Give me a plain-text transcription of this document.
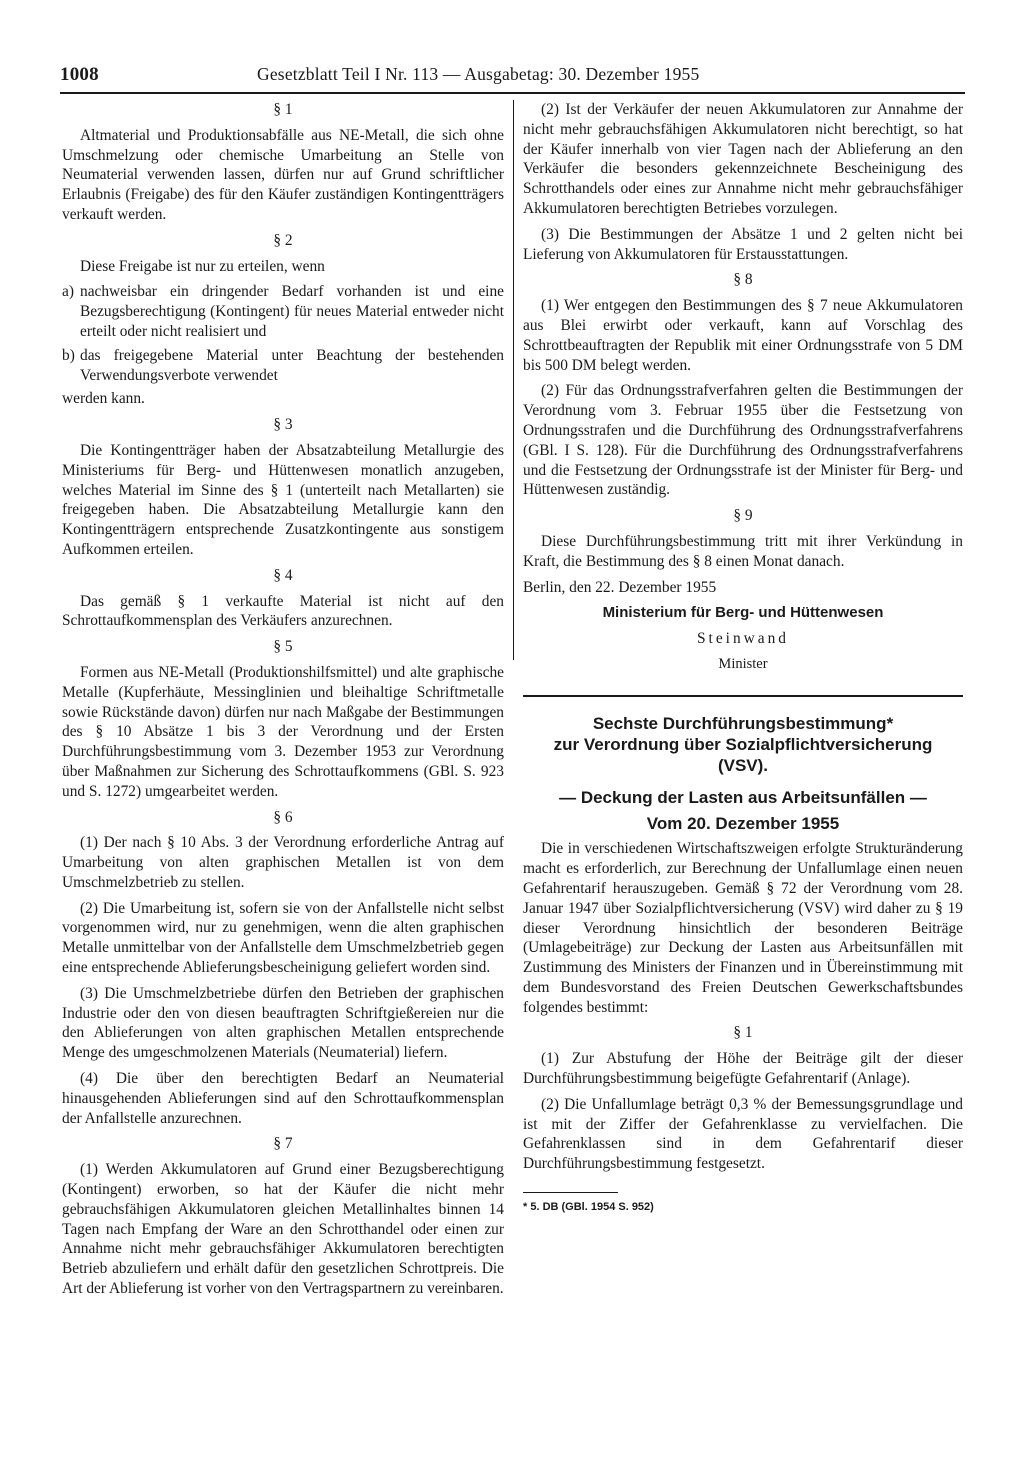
1008	Gesetzblatt Teil I Nr. 113 — Ausgabetag: 30. Dezember 1955

§ 1

Altmaterial und Produktionsabfälle aus NE-Metall, die sich ohne Umschmelzung oder chemische Umarbeitung an Stelle von Neumaterial verwenden lassen, dürfen nur auf Grund schriftlicher Erlaubnis (Freigabe) des für den Käufer zuständigen Kontingentträgers verkauft werden.

§ 2

Diese Freigabe ist nur zu erteilen, wenn

a) nachweisbar ein dringender Bedarf vorhanden ist und eine Bezugsberechtigung (Kontingent) für neues Material entweder nicht erteilt oder nicht realisiert und
b) das freigegebene Material unter Beachtung der bestehenden Verwendungsverbote verwendet

werden kann.

§ 3

Die Kontingentträger haben der Absatzabteilung Metallurgie des Ministeriums für Berg- und Hüttenwesen monatlich anzugeben, welches Material im Sinne des § 1 (unterteilt nach Metallarten) sie freigegeben haben. Die Absatzabteilung Metallurgie kann den Kontingentträgern entsprechende Zusatzkontingente aus sonstigem Aufkommen erteilen.

§ 4

Das gemäß § 1 verkaufte Material ist nicht auf den Schrottaufkommensplan des Verkäufers anzurechnen.

§ 5

Formen aus NE-Metall (Produktionshilfsmittel) und alte graphische Metalle (Kupferhäute, Messinglinien und bleihaltige Schriftmetalle sowie Rückstände davon) dürfen nur nach Maßgabe der Bestimmungen des § 10 Absätze 1 bis 3 der Verordnung und der Ersten Durchführungsbestimmung vom 3. Dezember 1953 zur Verordnung über Maßnahmen zur Sicherung des Schrottaufkommens (GBl. S. 923 und S. 1272) umgearbeitet werden.

§ 6

(1) Der nach § 10 Abs. 3 der Verordnung erforderliche Antrag auf Umarbeitung von alten graphischen Metallen ist von dem Umschmelzbetrieb zu stellen.

(2) Die Umarbeitung ist, sofern sie von der Anfallstelle nicht selbst vorgenommen wird, nur zu genehmigen, wenn die alten graphischen Metalle unmittelbar von der Anfallstelle dem Umschmelzbetrieb gegen eine entsprechende Ablieferungsbescheinigung geliefert worden sind.

(3) Die Umschmelzbetriebe dürfen den Betrieben der graphischen Industrie oder den von diesen beauftragten Schriftgießereien nur die den Ablieferungen von alten graphischen Metallen entsprechende Menge des umgeschmolzenen Materials (Neumaterial) liefern.

(4) Die über den berechtigten Bedarf an Neumaterial hinausgehenden Ablieferungen sind auf den Schrottaufkommensplan der Anfallstelle anzurechnen.

§ 7

(1) Werden Akkumulatoren auf Grund einer Bezugsberechtigung (Kontingent) erworben, so hat der Käufer die nicht mehr gebrauchsfähigen Akkumulatoren gleichen Metallinhaltes binnen 14 Tagen nach Empfang der Ware an den Schrotthandel oder einen zur Annahme nicht mehr gebrauchsfähiger Akkumulatoren berechtigten Betrieb abzuliefern und erhält dafür den gesetzlichen Schrottpreis. Die Art der Ablieferung ist vorher von den Vertragspartnern zu vereinbaren.

(2) Ist der Verkäufer der neuen Akkumulatoren zur Annahme der nicht mehr gebrauchsfähigen Akkumulatoren nicht berechtigt, so hat der Käufer innerhalb von vier Tagen nach der Ablieferung an den Verkäufer die besonders gekennzeichnete Bescheinigung des Schrotthandels oder eines zur Annahme nicht mehr gebrauchsfähiger Akkumulatoren berechtigten Betriebes vorzulegen.

(3) Die Bestimmungen der Absätze 1 und 2 gelten nicht bei Lieferung von Akkumulatoren für Erstausstattungen.

§ 8

(1) Wer entgegen den Bestimmungen des § 7 neue Akkumulatoren aus Blei erwirbt oder verkauft, kann auf Vorschlag des Schrottbeauftragten der Republik mit einer Ordnungsstrafe von 5 DM bis 500 DM belegt werden.

(2) Für das Ordnungsstrafverfahren gelten die Bestimmungen der Verordnung vom 3. Februar 1955 über die Festsetzung von Ordnungsstrafen und die Durchführung des Ordnungsstrafverfahrens (GBl. I S. 128). Für die Durchführung des Ordnungsstrafverfahrens und die Festsetzung der Ordnungsstrafe ist der Minister für Berg- und Hüttenwesen zuständig.

§ 9

Diese Durchführungsbestimmung tritt mit ihrer Verkündung in Kraft, die Bestimmung des § 8 einen Monat danach.

Berlin, den 22. Dezember 1955

Ministerium für Berg- und Hüttenwesen

Steinwand

Minister

Sechste Durchführungsbestimmung*
zur Verordnung über Sozialpflichtversicherung
(VSV).

— Deckung der Lasten aus Arbeitsunfällen —

Vom 20. Dezember 1955

Die in verschiedenen Wirtschaftszweigen erfolgte Strukturänderung macht es erforderlich, zur Berechnung der Unfallumlage einen neuen Gefahrentarif herauszugeben. Gemäß § 72 der Verordnung vom 28. Januar 1947 über Sozialpflichtversicherung (VSV) wird daher zu § 19 dieser Verordnung hinsichtlich der besonderen Beiträge (Umlagebeiträge) zur Deckung der Lasten aus Arbeitsunfällen mit Zustimmung des Ministers der Finanzen und in Übereinstimmung mit dem Bundesvorstand des Freien Deutschen Gewerkschaftsbundes folgendes bestimmt:

§ 1

(1) Zur Abstufung der Höhe der Beiträge gilt der dieser Durchführungsbestimmung beigefügte Gefahrentarif (Anlage).

(2) Die Unfallumlage beträgt 0,3 % der Bemessungsgrundlage und ist mit der Ziffer der Gefahrenklasse zu vervielfachen. Die Gefahrenklassen sind in dem Gefahrentarif dieser Durchführungsbestimmung festgesetzt.

* 5. DB (GBl. 1954 S. 952)
